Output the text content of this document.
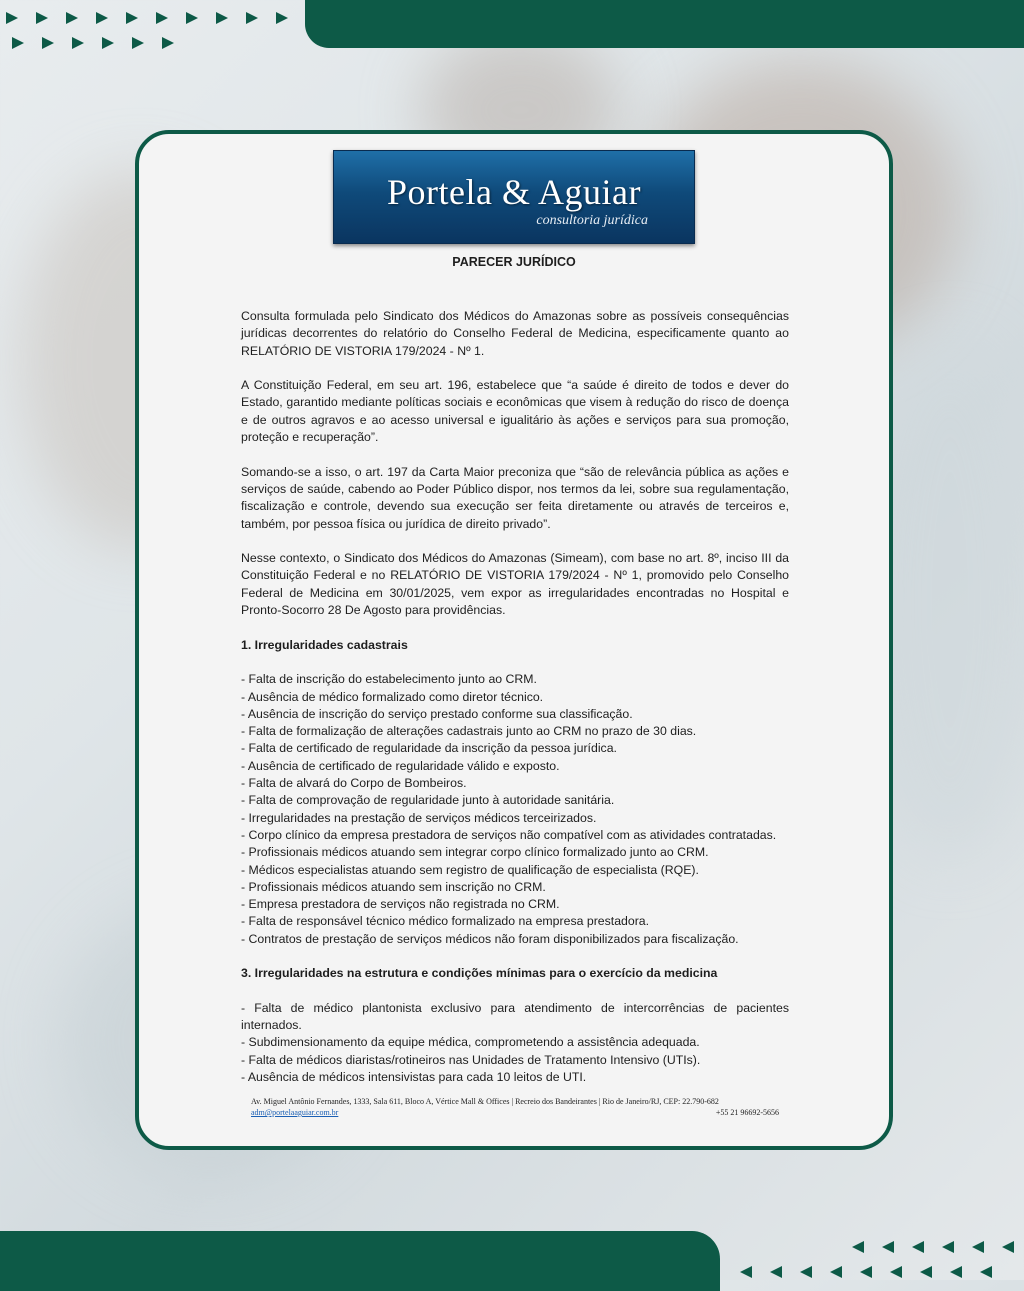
Portela & Aguiar
consultoria jurídica
PARECER JURÍDICO

Consulta formulada pelo Sindicato dos Médicos do Amazonas sobre as possíveis consequências jurídicas decorrentes do relatório do Conselho Federal de Medicina, especificamente quanto ao RELATÓRIO DE VISTORIA 179/2024 - Nº 1.

A Constituição Federal, em seu art. 196, estabelece que “a saúde é direito de todos e dever do Estado, garantido mediante políticas sociais e econômicas que visem à redução do risco de doença e de outros agravos e ao acesso universal e igualitário às ações e serviços para sua promoção, proteção e recuperação”.

Somando-se a isso, o art. 197 da Carta Maior preconiza que “são de relevância pública as ações e serviços de saúde, cabendo ao Poder Público dispor, nos termos da lei, sobre sua regulamentação, fiscalização e controle, devendo sua execução ser feita diretamente ou através de terceiros e, também, por pessoa física ou jurídica de direito privado”.

Nesse contexto, o Sindicato dos Médicos do Amazonas (Simeam), com base no art. 8º, inciso III da Constituição Federal e no RELATÓRIO DE VISTORIA 179/2024 - Nº 1, promovido pelo Conselho Federal de Medicina em 30/01/2025, vem expor as irregularidades encontradas no Hospital e Pronto-Socorro 28 De Agosto para providências.

1. Irregularidades cadastrais
- Falta de inscrição do estabelecimento junto ao CRM.
- Ausência de médico formalizado como diretor técnico.
- Ausência de inscrição do serviço prestado conforme sua classificação.
- Falta de formalização de alterações cadastrais junto ao CRM no prazo de 30 dias.
- Falta de certificado de regularidade da inscrição da pessoa jurídica.
- Ausência de certificado de regularidade válido e exposto.
- Falta de alvará do Corpo de Bombeiros.
- Falta de comprovação de regularidade junto à autoridade sanitária.
- Irregularidades na prestação de serviços médicos terceirizados.
- Corpo clínico da empresa prestadora de serviços não compatível com as atividades contratadas.
- Profissionais médicos atuando sem integrar corpo clínico formalizado junto ao CRM.
- Médicos especialistas atuando sem registro de qualificação de especialista (RQE).
- Profissionais médicos atuando sem inscrição no CRM.
- Empresa prestadora de serviços não registrada no CRM.
- Falta de responsável técnico médico formalizado na empresa prestadora.
- Contratos de prestação de serviços médicos não foram disponibilizados para fiscalização.
3. Irregularidades na estrutura e condições mínimas para o exercício da medicina
- Falta de médico plantonista exclusivo para atendimento de intercorrências de pacientes internados.
- Subdimensionamento da equipe médica, comprometendo a assistência adequada.
- Falta de médicos diaristas/rotineiros nas Unidades de Tratamento Intensivo (UTIs).
- Ausência de médicos intensivistas para cada 10 leitos de UTI.
Av. Miguel Antônio Fernandes, 1333, Sala 611, Bloco A, Vértice Mall & Offices | Recreio dos Bandeirantes | Rio de Janeiro/RJ, CEP: 22.790-682
adm@portelaaguiar.com.br	+55 21 96692-5656
